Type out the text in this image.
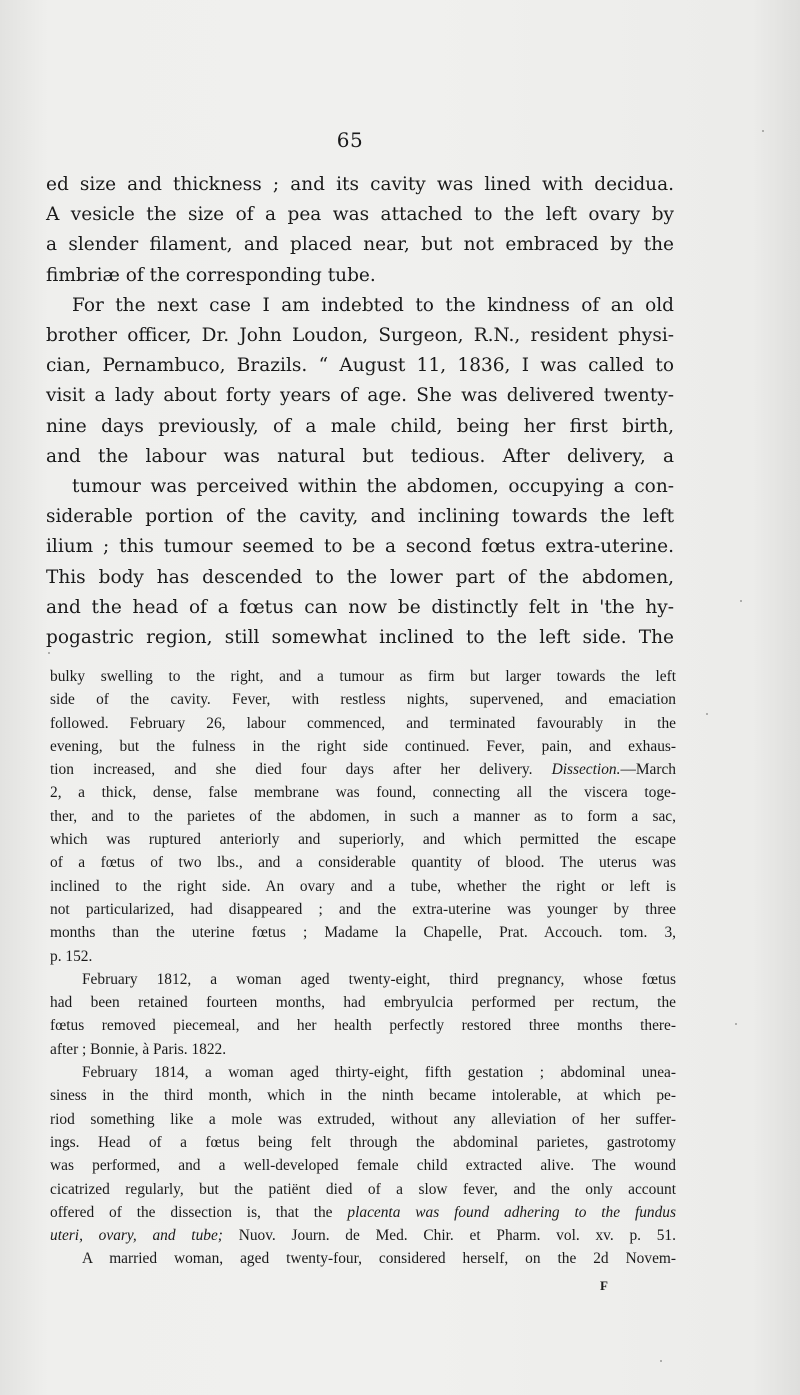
65

ed size and thickness ; and its cavity was lined with decidua.
A vesicle the size of a pea was attached to the left ovary by
a slender filament, and placed near, but not embraced by the
fimbriæ of the corresponding tube.

For the next case I am indebted to the kindness of an old
brother officer, Dr. John Loudon, Surgeon, R.N., resident physi-
cian, Pernambuco, Brazils. “ August 11, 1836, I was called to
visit a lady about forty years of age. She was delivered twenty-
nine days previously, of a male child, being her first birth,
and the labour was natural but tedious. After delivery, a
tumour was perceived within the abdomen, occupying a con-
siderable portion of the cavity, and inclining towards the left
ilium ; this tumour seemed to be a second fœtus extra-uterine.
This body has descended to the lower part of the abdomen,
and the head of a fœtus can now be distinctly felt in 'the hy-
pogastric region, still somewhat inclined to the left side. The

bulky swelling to the right, and a tumour as firm but larger towards the left
side of the cavity. Fever, with restless nights, supervened, and emaciation
followed. February 26, labour commenced, and terminated favourably in the
evening, but the fulness in the right side continued. Fever, pain, and exhaus-
tion increased, and she died four days after her delivery. Dissection.—March
2, a thick, dense, false membrane was found, connecting all the viscera toge-
ther, and to the parietes of the abdomen, in such a manner as to form a sac,
which was ruptured anteriorly and superiorly, and which permitted the escape
of a fœtus of two lbs., and a considerable quantity of blood. The uterus was
inclined to the right side. An ovary and a tube, whether the right or left is
not particularized, had disappeared ; and the extra-uterine was younger by three
months than the uterine fœtus ; Madame la Chapelle, Prat. Accouch. tom. 3,
p. 152.

February 1812, a woman aged twenty-eight, third pregnancy, whose fœtus
had been retained fourteen months, had embryulcia performed per rectum, the
fœtus removed piecemeal, and her health perfectly restored three months there-
after ; Bonnie, à Paris. 1822.

February 1814, a woman aged thirty-eight, fifth gestation ; abdominal unea-
siness in the third month, which in the ninth became intolerable, at which pe-
riod something like a mole was extruded, without any alleviation of her suffer-
ings. Head of a fœtus being felt through the abdominal parietes, gastrotomy
was performed, and a well-developed female child extracted alive. The wound
cicatrized regularly, but the patiënt died of a slow fever, and the only account
offered of the dissection is, that the placenta was found adhering to the fundus
uteri, ovary, and tube; Nuov. Journ. de Med. Chir. et Pharm. vol. xv. p. 51.

A married woman, aged twenty-four, considered herself, on the 2d Novem-

F
